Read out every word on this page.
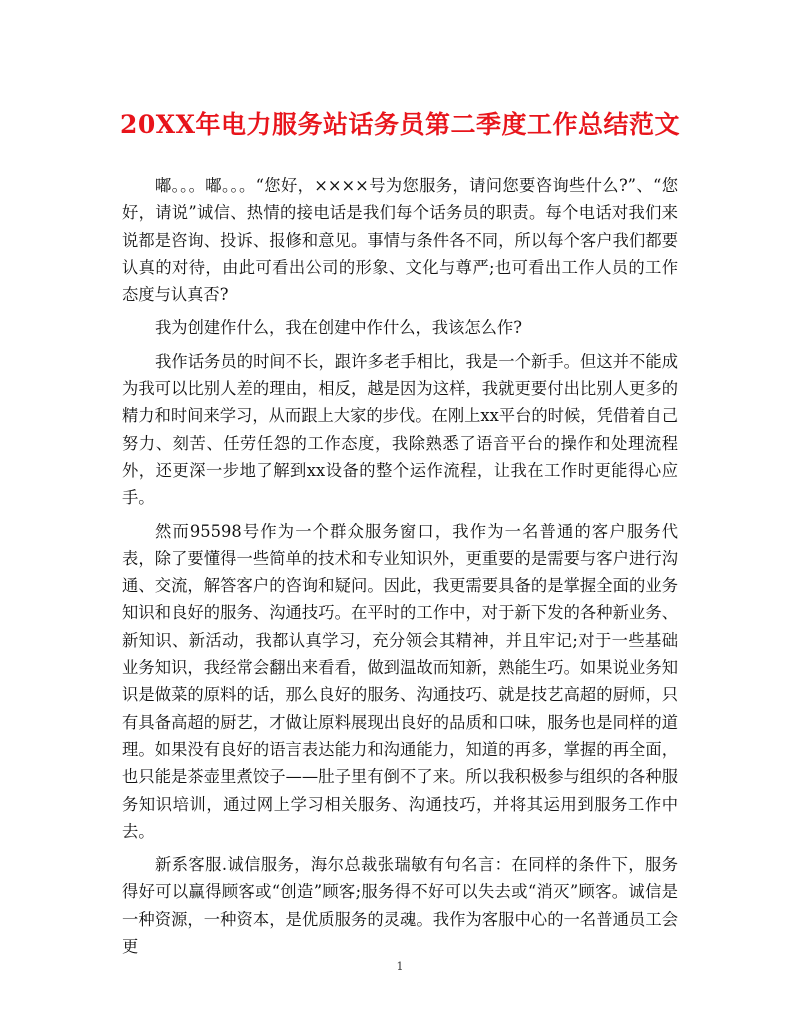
20XX年电力服务站话务员第二季度工作总结范文

嘟。。。嘟。。。“您好，××××号为您服务，请问您要咨询些什么?”、“您好，请说”诚信、热情的接电话是我们每个话务员的职责。每个电话对我们来说都是咨询、投诉、报修和意见。事情与条件各不同，所以每个客户我们都要认真的对待，由此可看出公司的形象、文化与尊严;也可看出工作人员的工作态度与认真否?

我为创建作什么，我在创建中作什么，我该怎么作?

我作话务员的时间不长，跟许多老手相比，我是一个新手。但这并不能成为我可以比别人差的理由，相反，越是因为这样，我就更要付出比别人更多的精力和时间来学习，从而跟上大家的步伐。在刚上xx平台的时候，凭借着自己努力、刻苦、任劳任怨的工作态度，我除熟悉了语音平台的操作和处理流程外，还更深一步地了解到xx设备的整个运作流程，让我在工作时更能得心应手。

然而95598号作为一个群众服务窗口，我作为一名普通的客户服务代表，除了要懂得一些简单的技术和专业知识外，更重要的是需要与客户进行沟通、交流，解答客户的咨询和疑问。因此，我更需要具备的是掌握全面的业务知识和良好的服务、沟通技巧。在平时的工作中，对于新下发的各种新业务、新知识、新活动，我都认真学习，充分领会其精神，并且牢记;对于一些基础业务知识，我经常会翻出来看看，做到温故而知新，熟能生巧。如果说业务知识是做菜的原料的话，那么良好的服务、沟通技巧、就是技艺高超的厨师，只有具备高超的厨艺，才做让原料展现出良好的品质和口味，服务也是同样的道理。如果没有良好的语言表达能力和沟通能力，知道的再多，掌握的再全面，也只能是茶壶里煮饺子——肚子里有倒不了来。所以我积极参与组织的各种服务知识培训，通过网上学习相关服务、沟通技巧，并将其运用到服务工作中去。

新系客服.诚信服务，海尔总裁张瑞敏有句名言：在同样的条件下，服务得好可以赢得顾客或“创造”顾客;服务得不好可以失去或“消灭”顾客。诚信是一种资源，一种资本，是优质服务的灵魂。我作为客服中心的一名普通员工会更

1
